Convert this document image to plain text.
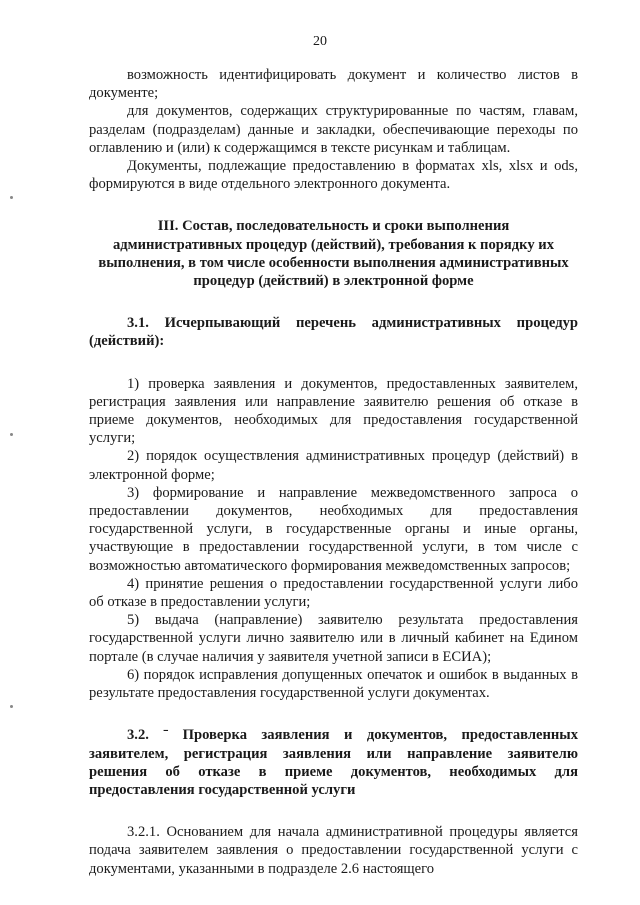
20

возможность идентифицировать документ и количество листов в документе;

для документов, содержащих структурированные по частям, главам, разделам (подразделам) данные и закладки, обеспечивающие переходы по оглавлению и (или) к содержащимся в тексте рисункам и таблицам.

Документы, подлежащие предоставлению в форматах xls, xlsx и ods, формируются в виде отдельного электронного документа.

III. Состав, последовательность и сроки выполнения административных процедур (действий), требования к порядку их выполнения, в том числе особенности выполнения административных процедур (действий) в электронной форме

3.1. Исчерпывающий перечень административных процедур (действий):

1) проверка заявления и документов, предоставленных заявителем, регистрация заявления или направление заявителю решения об отказе в приеме документов, необходимых для предоставления государственной услуги;

2) порядок осуществления административных процедур (действий) в электронной форме;

3) формирование и направление межведомственного запроса о предоставлении документов, необходимых для предоставления государственной услуги, в государственные органы и иные органы, участвующие в предоставлении государственной услуги, в том числе с возможностью автоматического формирования межведомственных запросов;

4) принятие решения о предоставлении государственной услуги либо об отказе в предоставлении услуги;

5) выдача (направление) заявителю результата предоставления государственной услуги лично заявителю или в личный кабинет на Едином портале (в случае наличия у заявителя учетной записи в ЕСИА);

6) порядок исправления допущенных опечаток и ошибок в выданных в результате предоставления государственной услуги документах.

3.2. ˉ Проверка заявления и документов, предоставленных заявителем, регистрация заявления или направление заявителю решения об отказе в приеме документов, необходимых для предоставления государственной услуги

3.2.1. Основанием для начала административной процедуры является подача заявителем заявления о предоставлении государственной услуги с документами, указанными в подразделе 2.6 настоящего
